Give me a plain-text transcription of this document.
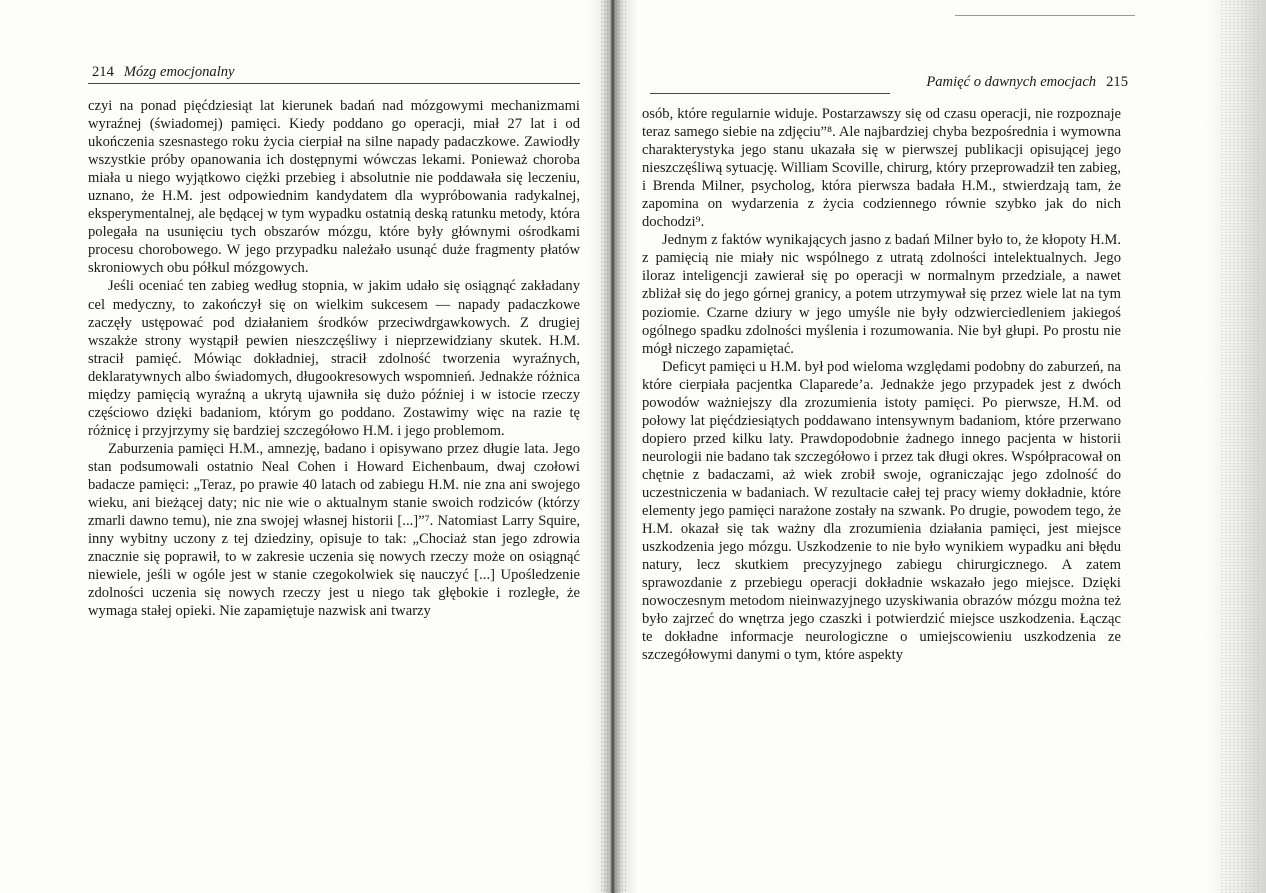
214 Mózg emocjonalny
Pamięć o dawnych emocjach 215

czyi na ponad pięćdziesiąt lat kierunek badań nad mózgowymi mechanizmami wyraźnej (świadomej) pamięci. Kiedy poddano go operacji, miał 27 lat i od ukończenia szesnastego roku życia cierpiał na silne napady padaczkowe. Zawiodły wszystkie próby opanowania ich dostępnymi wówczas lekami. Ponieważ choroba miała u niego wyjątkowo ciężki przebieg i absolutnie nie poddawała się leczeniu, uznano, że H.M. jest odpowiednim kandydatem dla wypróbowania radykalnej, eksperymentalnej, ale będącej w tym wypadku ostatnią deską ratunku metody, która polegała na usunięciu tych obszarów mózgu, które były głównymi ośrodkami procesu chorobowego. W jego przypadku należało usunąć duże fragmenty płatów skroniowych obu półkul mózgowych.

Jeśli oceniać ten zabieg według stopnia, w jakim udało się osiągnąć zakładany cel medyczny, to zakończył się on wielkim sukcesem — napady padaczkowe zaczęły ustępować pod działaniem środków przeciwdrgawkowych. Z drugiej wszakże strony wystąpił pewien nieszczęśliwy i nieprzewidziany skutek. H.M. stracił pamięć. Mówiąc dokładniej, stracił zdolność tworzenia wyraźnych, deklaratywnych albo świadomych, długookresowych wspomnień. Jednakże różnica między pamięcią wyraźną a ukrytą ujawniła się dużo później i w istocie rzeczy częściowo dzięki badaniom, którym go poddano. Zostawimy więc na razie tę różnicę i przyjrzymy się bardziej szczegółowo H.M. i jego problemom.

Zaburzenia pamięci H.M., amnezję, badano i opisywano przez długie lata. Jego stan podsumowali ostatnio Neal Cohen i Howard Eichenbaum, dwaj czołowi badacze pamięci: „Teraz, po prawie 40 latach od zabiegu H.M. nie zna ani swojego wieku, ani bieżącej daty; nic nie wie o aktualnym stanie swoich rodziców (którzy zmarli dawno temu), nie zna swojej własnej historii [...]”⁷. Natomiast Larry Squire, inny wybitny uczony z tej dziedziny, opisuje to tak: „Chociaż stan jego zdrowia znacznie się poprawił, to w zakresie uczenia się nowych rzeczy może on osiągnąć niewiele, jeśli w ogóle jest w stanie czegokolwiek się nauczyć [...] Upośledzenie zdolności uczenia się nowych rzeczy jest u niego tak głębokie i rozległe, że wymaga stałej opieki. Nie zapamiętuje nazwisk ani twarzy

osób, które regularnie widuje. Postarzawszy się od czasu operacji, nie rozpoznaje teraz samego siebie na zdjęciu”⁸. Ale najbardziej chyba bezpośrednia i wymowna charakterystyka jego stanu ukazała się w pierwszej publikacji opisującej jego nieszczęśliwą sytuację. William Scoville, chirurg, który przeprowadził ten zabieg, i Brenda Milner, psycholog, która pierwsza badała H.M., stwierdzają tam, że zapomina on wydarzenia z życia codziennego równie szybko jak do nich dochodzi⁹.

Jednym z faktów wynikających jasno z badań Milner było to, że kłopoty H.M. z pamięcią nie miały nic wspólnego z utratą zdolności intelektualnych. Jego iloraz inteligencji zawierał się po operacji w normalnym przedziale, a nawet zbliżał się do jego górnej granicy, a potem utrzymywał się przez wiele lat na tym poziomie. Czarne dziury w jego umyśle nie były odzwierciedleniem jakiegoś ogólnego spadku zdolności myślenia i rozumowania. Nie był głupi. Po prostu nie mógł niczego zapamiętać.

Deficyt pamięci u H.M. był pod wieloma względami podobny do zaburzeń, na które cierpiała pacjentka Claparede’a. Jednakże jego przypadek jest z dwóch powodów ważniejszy dla zrozumienia istoty pamięci. Po pierwsze, H.M. od połowy lat pięćdziesiątych poddawano intensywnym badaniom, które przerwano dopiero przed kilku laty. Prawdopodobnie żadnego innego pacjenta w historii neurologii nie badano tak szczegółowo i przez tak długi okres. Współpracował on chętnie z badaczami, aż wiek zrobił swoje, ograniczając jego zdolność do uczestniczenia w badaniach. W rezultacie całej tej pracy wiemy dokładnie, które elementy jego pamięci narażone zostały na szwank. Po drugie, powodem tego, że H.M. okazał się tak ważny dla zrozumienia działania pamięci, jest miejsce uszkodzenia jego mózgu. Uszkodzenie to nie było wynikiem wypadku ani błędu natury, lecz skutkiem precyzyjnego zabiegu chirurgicznego. A zatem sprawozdanie z przebiegu operacji dokładnie wskazało jego miejsce. Dzięki nowoczesnym metodom nieinwazyjnego uzyskiwania obrazów mózgu można też było zajrzeć do wnętrza jego czaszki i potwierdzić miejsce uszkodzenia. Łącząc te dokładne informacje neurologiczne o umiejscowieniu uszkodzenia ze szczegółowymi danymi o tym, które aspekty
